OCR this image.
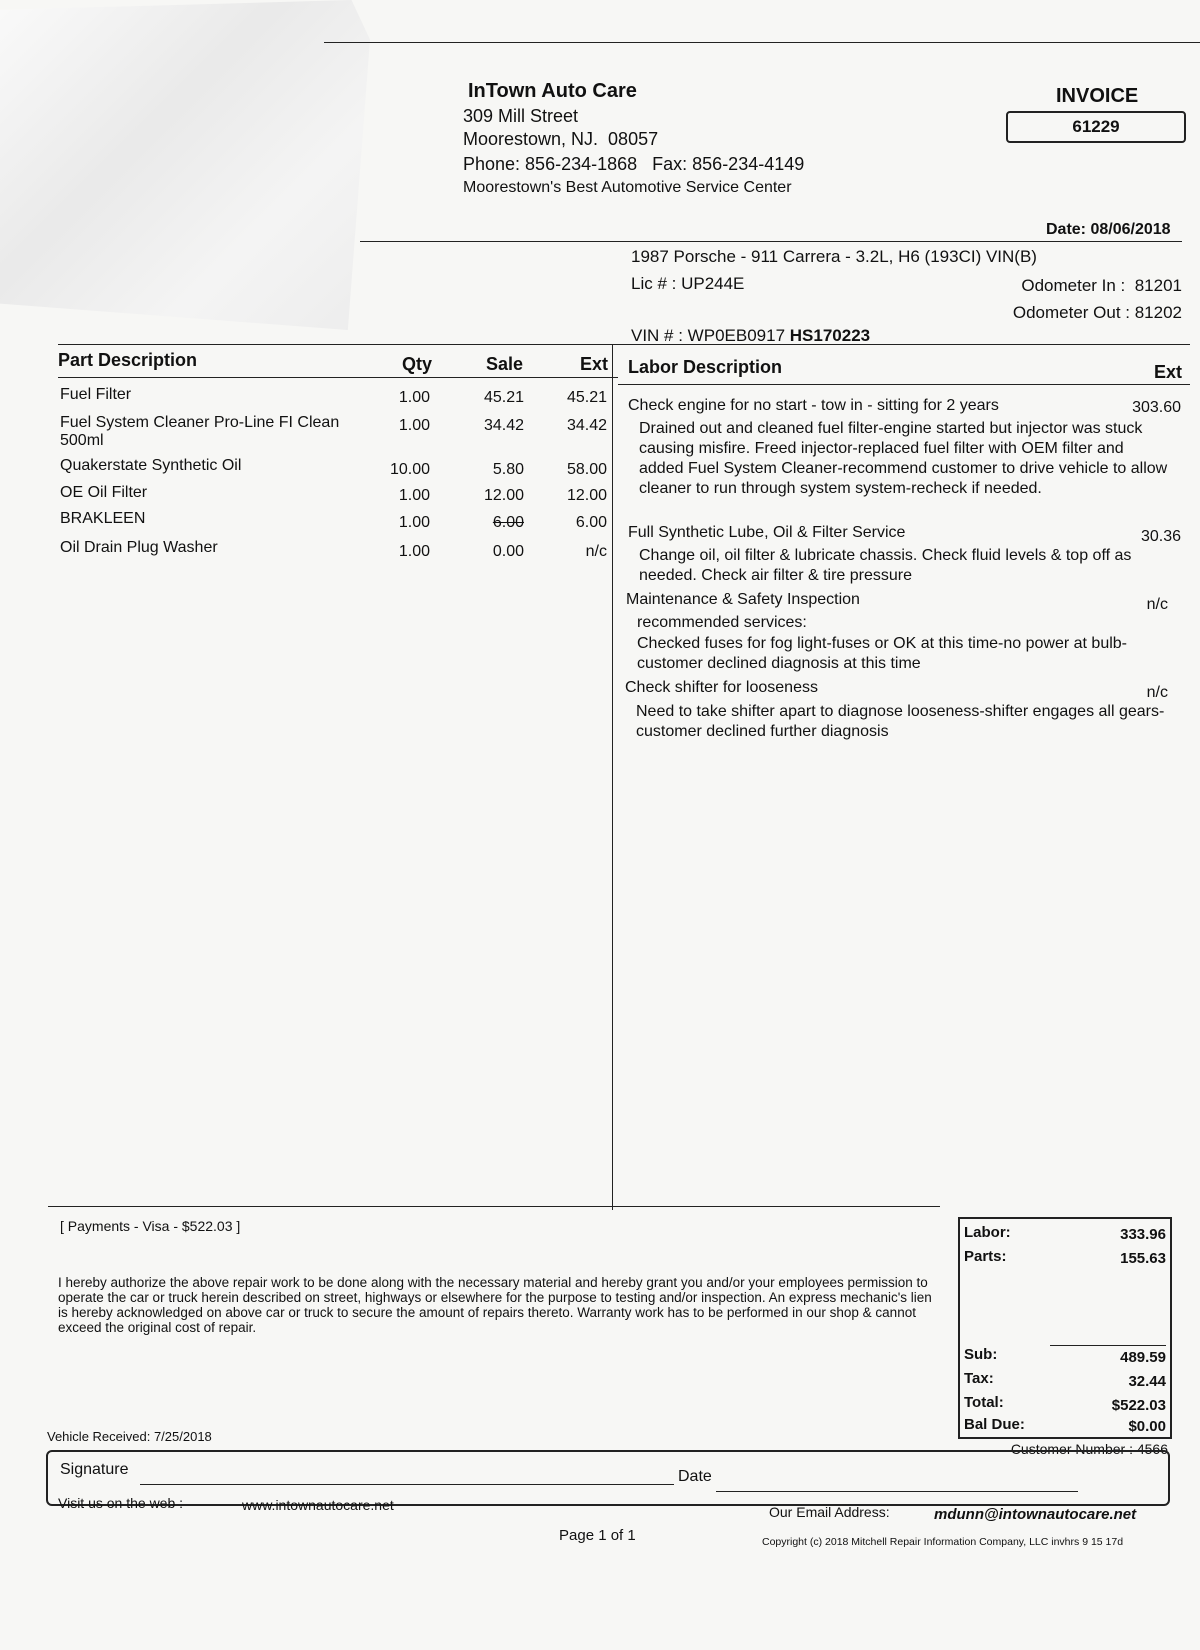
InTown Auto Care
309 Mill Street
Moorestown, NJ.  08057
Phone: 856-234-1868   Fax: 856-234-4149
Moorestown's Best Automotive Service Center
INVOICE
61229
Date: 08/06/2018
1987 Porsche - 911 Carrera - 3.2L, H6 (193CI) VIN(B)
Lic # : UP244E	Odometer In :  81201
Odometer Out : 81202
VIN # : WP0EB0917 HS170223
Part Description	Qty	Sale	Ext
Fuel Filter	1.00	45.21	45.21
Fuel System Cleaner Pro-Line FI Clean 500ml
1.00	34.42	34.42
Quakerstate Synthetic Oil	10.00	5.80	58.00
OE Oil Filter	1.00	12.00	12.00
BRAKLEEN	1.00	6.00	6.00
Oil Drain Plug Washer	1.00	0.00	n/c
Labor Description	Ext
Check engine for no start - tow in - sitting for 2 years	303.60
Drained out and cleaned fuel filter-engine started but injector was stuck causing misfire. Freed injector-replaced fuel filter with OEM filter and added Fuel System Cleaner-recommend customer to drive vehicle to allow cleaner to run through system system-recheck if needed.
Full Synthetic Lube, Oil & Filter Service	30.36
Change oil, oil filter & lubricate chassis. Check fluid levels & top off as needed. Check air filter & tire pressure
Maintenance & Safety Inspection	n/c
recommended services:
Checked fuses for fog light-fuses or OK at this time-no power at bulb-customer declined diagnosis at this time
Check shifter for looseness	n/c
Need to take shifter apart to diagnose looseness-shifter engages all gears-customer declined further diagnosis
[ Payments - Visa - $522.03 ]
I hereby authorize the above repair work to be done along with the necessary material and hereby grant you and/or your employees permission to operate the car or truck herein described on street, highways or elsewhere for the purpose to testing and/or inspection. An express mechanic's lien is hereby acknowledged on above car or truck to secure the amount of repairs thereto. Warranty work has to be performed in our shop & cannot exceed the original cost of repair.
Vehicle Received: 7/25/2018
Labor:	333.96
Parts:	155.63
Sub:	489.59
Tax:	32.44
Total:	$522.03
Bal Due:	$0.00
Customer Number : 4566
Signature	Date
Visit us on the web :	www.intownautocare.net	Our Email Address:	mdunn@intownautocare.net
Page 1 of 1	Copyright (c) 2018 Mitchell Repair Information Company, LLC invhrs 9 15 17d
